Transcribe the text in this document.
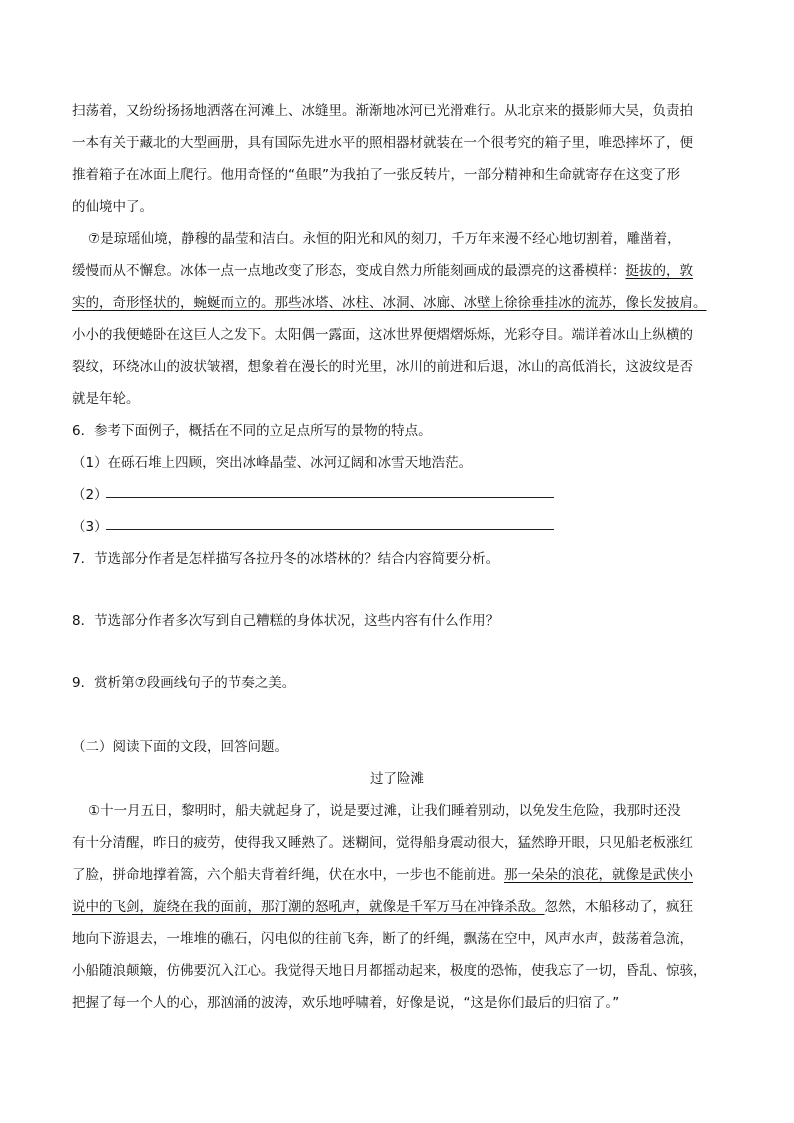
扫荡着，又纷纷扬扬地洒落在河滩上、冰缝里。渐渐地冰河已光滑难行。从北京来的摄影师大吴，负责拍
一本有关于藏北的大型画册，具有国际先进水平的照相器材就装在一个很考究的箱子里，唯恐摔坏了，便
推着箱子在冰面上爬行。他用奇怪的“鱼眼”为我拍了一张反转片，一部分精神和生命就寄存在这变了形
的仙境中了。
⑦是琼瑶仙境，静穆的晶莹和洁白。永恒的阳光和风的刻刀，千万年来漫不经心地切割着，雕凿着，
缓慢而从不懈怠。冰体一点一点地改变了形态，变成自然力所能刻画成的最漂亮的这番模样：挺拔的，敦
实的，奇形怪状的，蜿蜒而立的。那些冰塔、冰柱、冰洞、冰廊、冰壁上徐徐垂挂冰的流苏，像长发披肩。
小小的我便蜷卧在这巨人之发下。太阳偶一露面，这冰世界便熠熠烁烁，光彩夺目。端详着冰山上纵横的
裂纹，环绕冰山的波状皱褶，想象着在漫长的时光里，冰川的前进和后退，冰山的高低消长，这波纹是否
就是年轮。
6．参考下面例子，概括在不同的立足点所写的景物的特点。
（1）在砾石堆上四顾，突出冰峰晶莹、冰河辽阔和冰雪天地浩茫。
（2）
（3）
7．节选部分作者是怎样描写各拉丹冬的冰塔林的？结合内容简要分析。
8．节选部分作者多次写到自己糟糕的身体状况，这些内容有什么作用？
9．赏析第⑦段画线句子的节奏之美。
（二）阅读下面的文段，回答问题。
过了险滩
①十一月五日，黎明时，船夫就起身了，说是要过滩，让我们睡着别动，以免发生危险，我那时还没
有十分清醒，昨日的疲劳，使得我又睡熟了。迷糊间，觉得船身震动很大，猛然睁开眼，只见船老板涨红
了脸，拼命地撑着篙，六个船夫背着纤绳，伏在水中，一步也不能前进。那一朵朵的浪花，就像是武侠小
说中的飞剑，旋绕在我的面前，那汀潮的怒吼声，就像是千军万马在冲锋杀敌。忽然，木船移动了，疯狂
地向下游退去，一堆堆的礁石，闪电似的往前飞奔，断了的纤绳，飘荡在空中，风声水声，鼓荡着急流，
小船随浪颠簸，仿佛要沉入江心。我觉得天地日月都摇动起来，极度的恐怖，使我忘了一切，昏乱、惊骇，
把握了每一个人的心，那汹涌的波涛，欢乐地呼啸着，好像是说，“这是你们最后的归宿了。”
